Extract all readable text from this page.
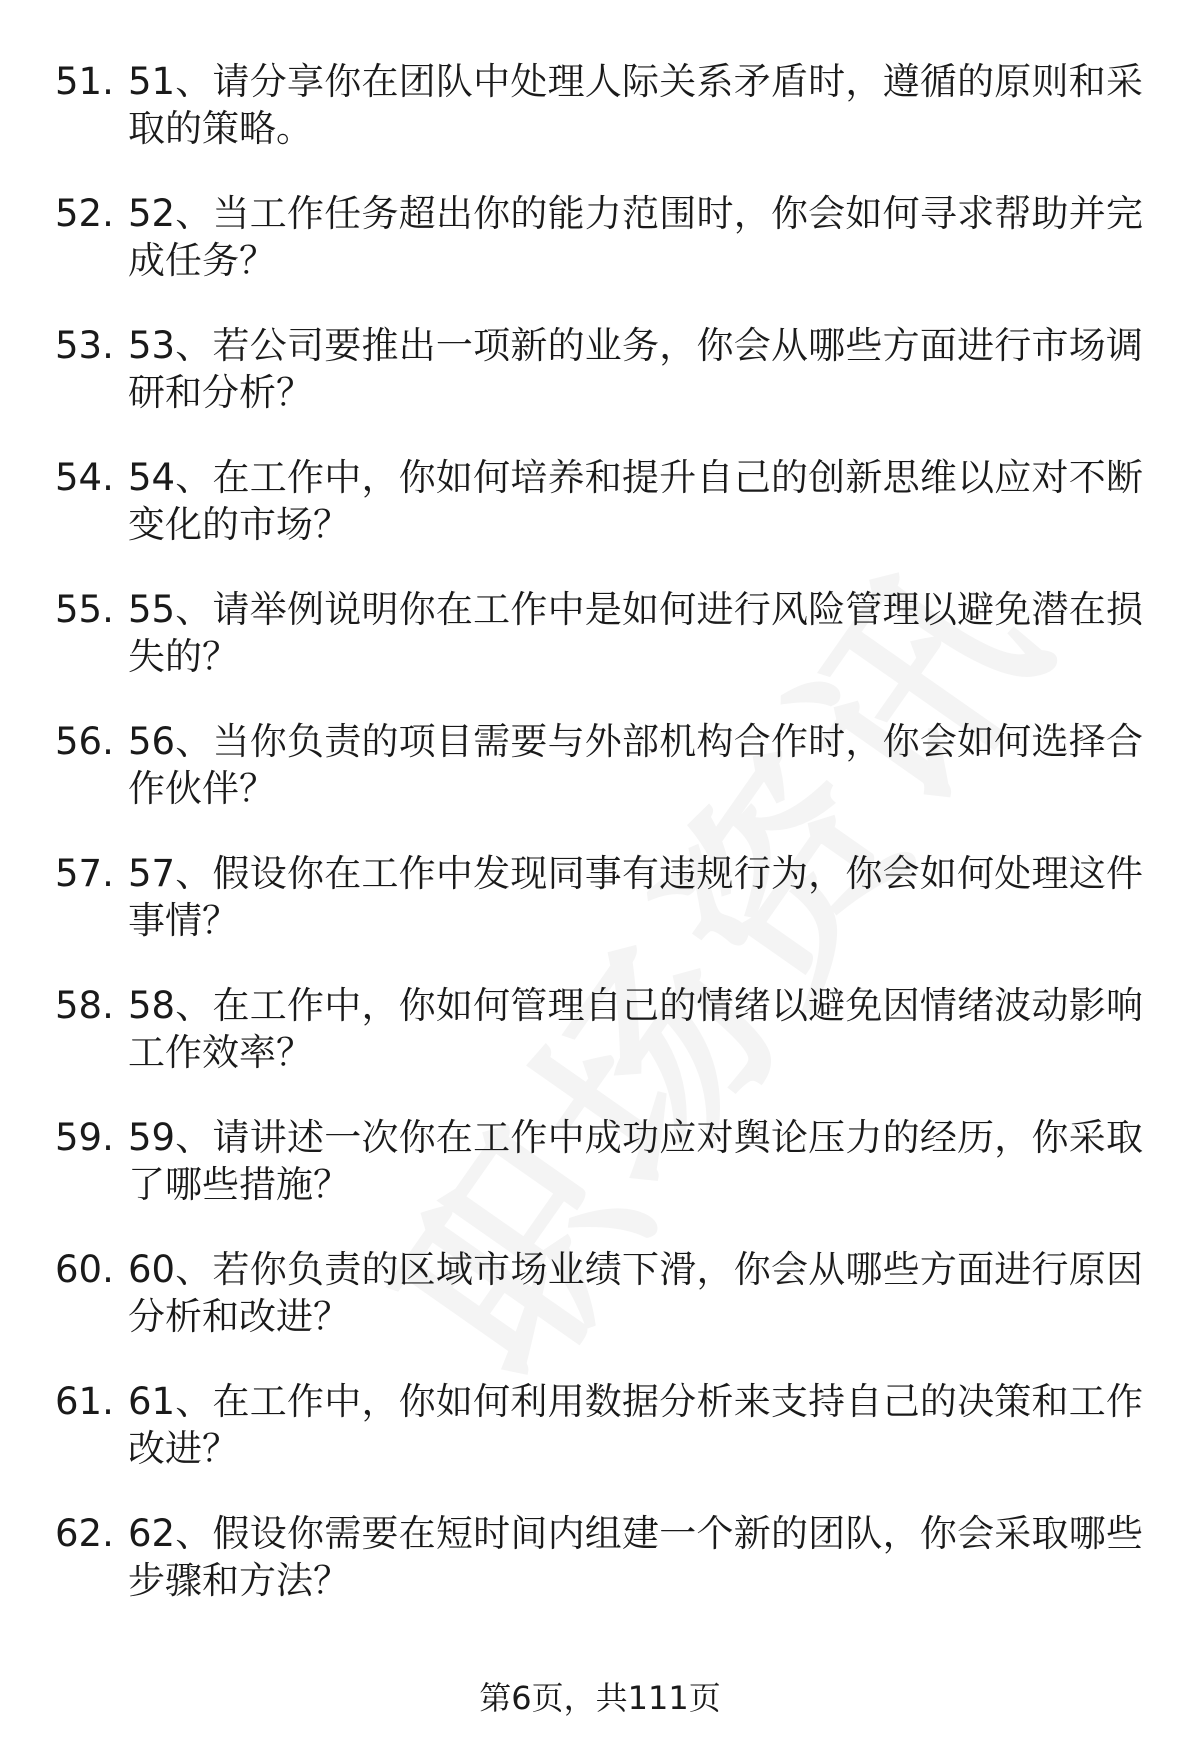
51. 51、请分享你在团队中处理人际关系矛盾时，遵循的原则和采取的策略。
52. 52、当工作任务超出你的能力范围时，你会如何寻求帮助并完成任务？
53. 53、若公司要推出一项新的业务，你会从哪些方面进行市场调研和分析？
54. 54、在工作中，你如何培养和提升自己的创新思维以应对不断变化的市场？
55. 55、请举例说明你在工作中是如何进行风险管理以避免潜在损失的？
56. 56、当你负责的项目需要与外部机构合作时，你会如何选择合作伙伴？
57. 57、假设你在工作中发现同事有违规行为，你会如何处理这件事情？
58. 58、在工作中，你如何管理自己的情绪以避免因情绪波动影响工作效率？
59. 59、请讲述一次你在工作中成功应对舆论压力的经历，你采取了哪些措施？
60. 60、若你负责的区域市场业绩下滑，你会从哪些方面进行原因分析和改进？
61. 61、在工作中，你如何利用数据分析来支持自己的决策和工作改进？
62. 62、假设你需要在短时间内组建一个新的团队，你会采取哪些步骤和方法？
第6页，共111页
